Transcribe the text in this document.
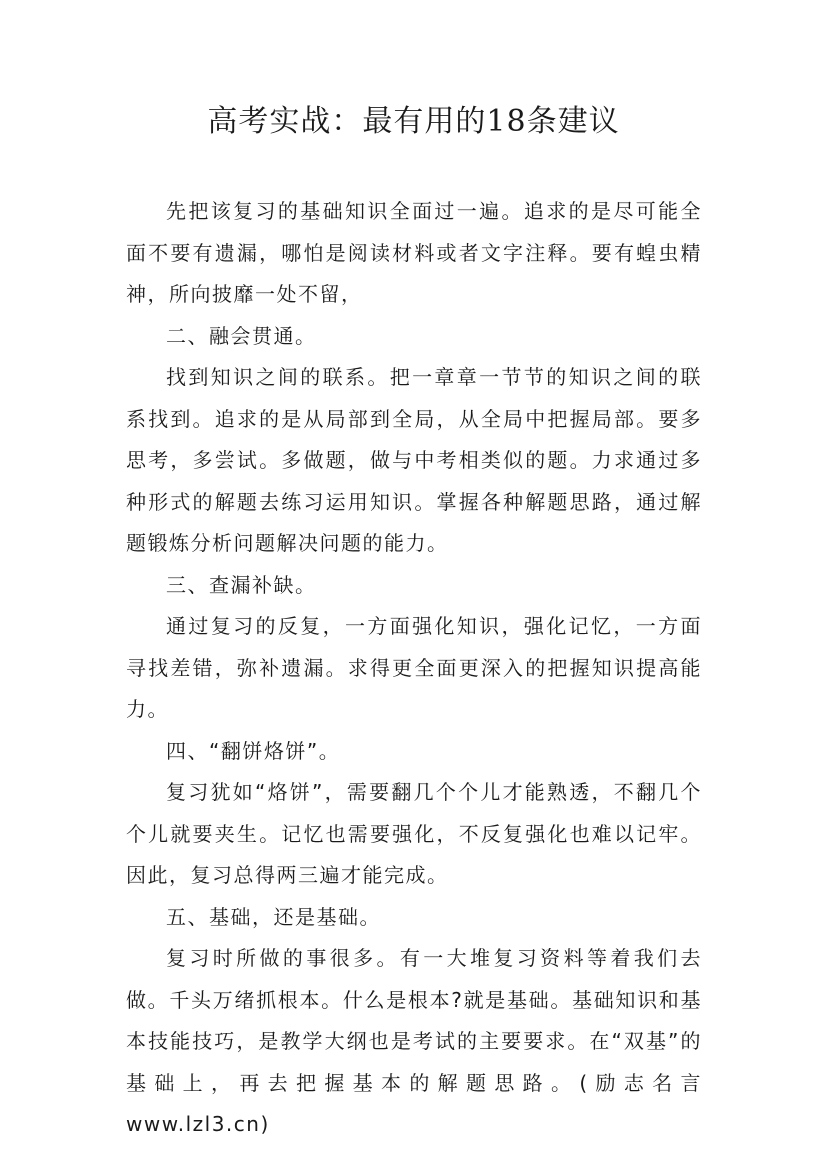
高考实战：最有用的18条建议

先把该复习的基础知识全面过一遍。追求的是尽可能全面不要有遗漏，哪怕是阅读材料或者文字注释。要有蝗虫精神，所向披靡一处不留，

二、融会贯通。

找到知识之间的联系。把一章章一节节的知识之间的联系找到。追求的是从局部到全局，从全局中把握局部。要多思考，多尝试。多做题，做与中考相类似的题。力求通过多种形式的解题去练习运用知识。掌握各种解题思路，通过解题锻炼分析问题解决问题的能力。

三、查漏补缺。

通过复习的反复，一方面强化知识，强化记忆，一方面寻找差错，弥补遗漏。求得更全面更深入的把握知识提高能力。

四、“翻饼烙饼”。

复习犹如“烙饼”，需要翻几个个儿才能熟透，不翻几个个儿就要夹生。记忆也需要强化，不反复强化也难以记牢。因此，复习总得两三遍才能完成。

五、基础，还是基础。

复习时所做的事很多。有一大堆复习资料等着我们去做。千头万绪抓根本。什么是根本?就是基础。基础知识和基本技能技巧，是教学大纲也是考试的主要要求。在“双基”的基础上，再去把握基本的解题思路。(励志名言 www.lzl3.cn)
